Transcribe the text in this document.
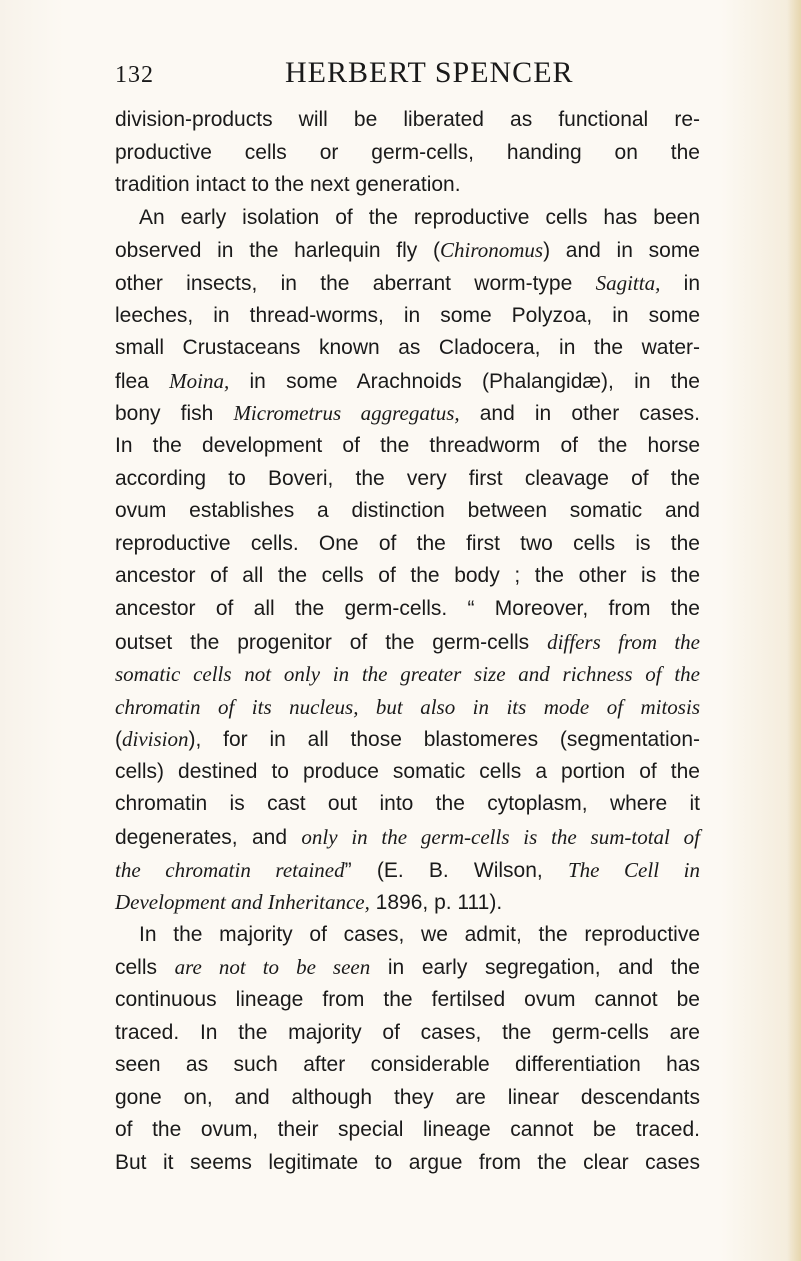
132	HERBERT SPENCER
division-products will be liberated as functional re-
productive cells or germ-cells, handing on the
tradition intact to the next generation.
An early isolation of the reproductive cells has been
observed in the harlequin fly (Chironomus) and in some
other insects, in the aberrant worm-type Sagitta, in
leeches, in thread-worms, in some Polyzoa, in some
small Crustaceans known as Cladocera, in the water-
flea Moina, in some Arachnoids (Phalangidæ), in the
bony fish Micrometrus aggregatus, and in other cases.
In the development of the threadworm of the horse
according to Boveri, the very first cleavage of the
ovum establishes a distinction between somatic and
reproductive cells. One of the first two cells is the
ancestor of all the cells of the body ; the other is the
ancestor of all the germ-cells. “ Moreover, from the
outset the progenitor of the germ-cells differs from the
somatic cells not only in the greater size and richness of the
chromatin of its nucleus, but also in its mode of mitosis
(division), for in all those blastomeres (segmentation-
cells) destined to produce somatic cells a portion of the
chromatin is cast out into the cytoplasm, where it
degenerates, and only in the germ-cells is the sum-total of
the chromatin retained” (E. B. Wilson, The Cell in
Development and Inheritance, 1896, p. 111).
In the majority of cases, we admit, the reproductive
cells are not to be seen in early segregation, and the
continuous lineage from the fertilsed ovum cannot be
traced. In the majority of cases, the germ-cells are
seen as such after considerable differentiation has
gone on, and although they are linear descendants
of the ovum, their special lineage cannot be traced.
But it seems legitimate to argue from the clear cases
